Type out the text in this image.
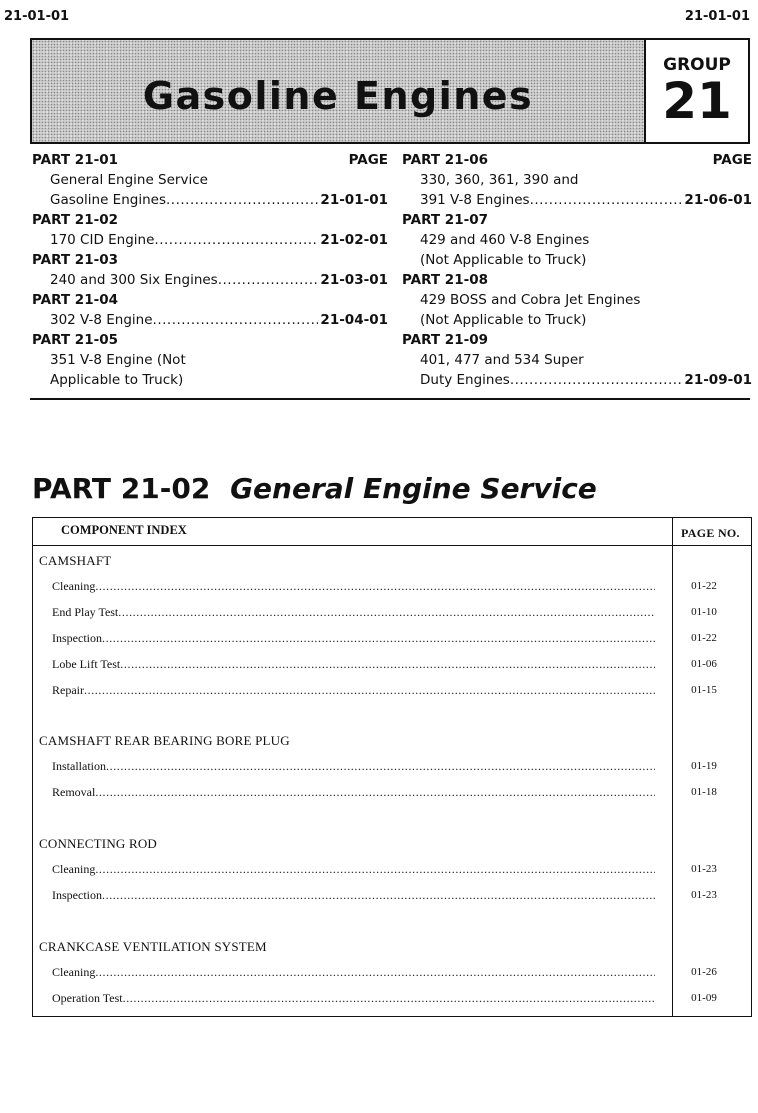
21-01-01	21-01-01
Gasoline Engines
GROUP
21
PART 21-01	PAGE
General Engine Service
Gasoline Engines .....	21-01-01
PART 21-02
170 CID Engine .....	21-02-01
PART 21-03
240 and 300 Six Engines .....	21-03-01
PART 21-04
302 V-8 Engine .....	21-04-01
PART 21-05
351 V-8 Engine (Not
Applicable to Truck)
PART 21-06	PAGE
330, 360, 361, 390 and
391 V-8 Engines .....	21-06-01
PART 21-07
429 and 460 V-8 Engines
(Not Applicable to Truck)
PART 21-08
429 BOSS and Cobra Jet Engines
(Not Applicable to Truck)
PART 21-09
401, 477 and 534 Super
Duty Engines .....	21-09-01
PART 21-02 General Engine Service
COMPONENT INDEX	PAGE NO.
CAMSHAFT
Cleaning .....	01-22
End Play Test .....	01-10
Inspection .....	01-22
Lobe Lift Test .....	01-06
Repair .....	01-15
CAMSHAFT REAR BEARING BORE PLUG
Installation .....	01-19
Removal .....	01-18
CONNECTING ROD
Cleaning .....	01-23
Inspection .....	01-23
CRANKCASE VENTILATION SYSTEM
Cleaning .....	01-26
Operation Test .....	01-09
